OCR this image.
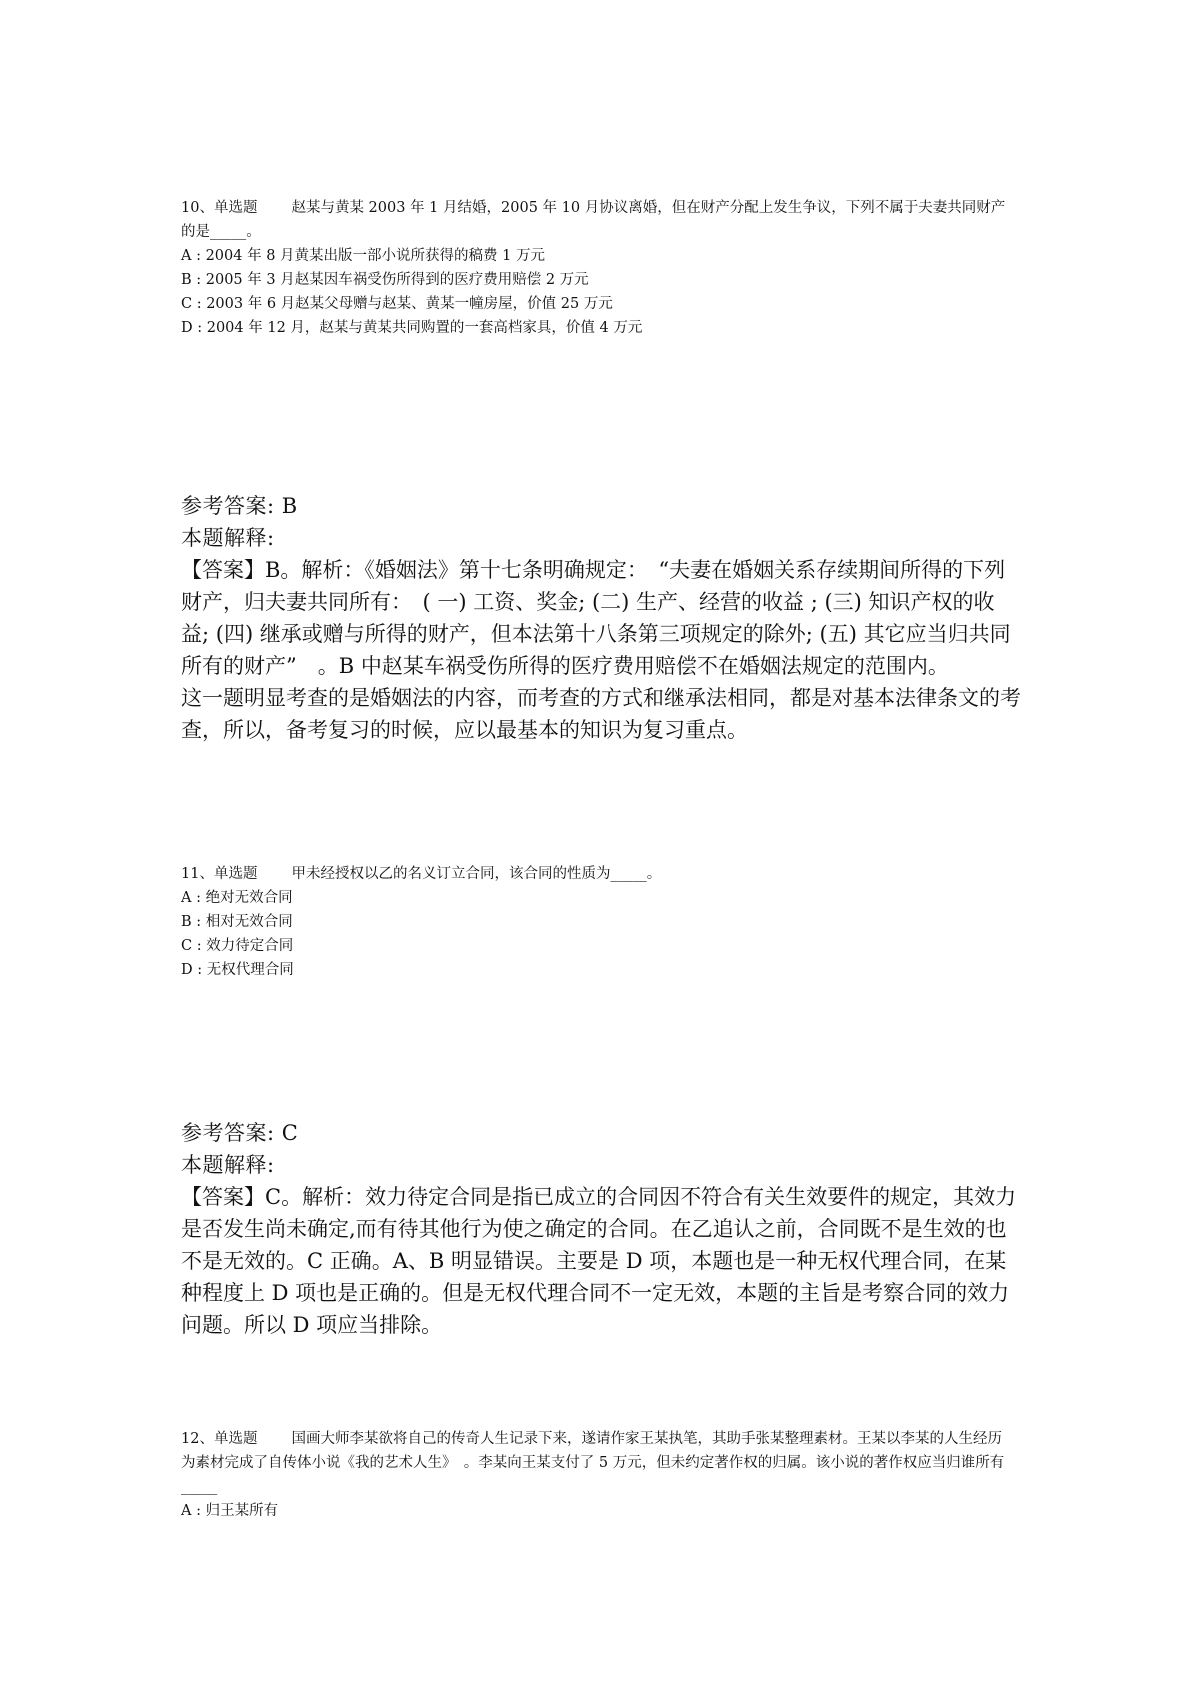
10、单选题 赵某与黄某 2003 年 1 月结婚，2005 年 10 月协议离婚，但在财产分配上发生争议，下列不属于夫妻共同财产的是_____。
A : 2004 年 8 月黄某出版一部小说所获得的稿费 1 万元
B : 2005 年 3 月赵某因车祸受伤所得到的医疗费用赔偿 2 万元
C : 2003 年 6 月赵某父母赠与赵某、黄某一幢房屋，价值 25 万元
D : 2004 年 12 月，赵某与黄某共同购置的一套高档家具，价值 4 万元

参考答案: B

本题解释:

【答案】B。解析：《婚姻法》第十七条明确规定：　“夫妻在婚姻关系存续期间所得的下列财产，归夫妻共同所有：　( 一) 工资、奖金; (二) 生产、经营的收益 ; (三) 知识产权的收益; (四) 继承或赠与所得的财产，但本法第十八条第三项规定的除外; (五) 其它应当归共同所有的财产”　。B 中赵某车祸受伤所得的医疗费用赔偿不在婚姻法规定的范围内。

这一题明显考查的是婚姻法的内容，而考查的方式和继承法相同，都是对基本法律条文的考查，所以，备考复习的时候，应以最基本的知识为复习重点。

11、单选题 甲未经授权以乙的名义订立合同，该合同的性质为_____。
A : 绝对无效合同
B : 相对无效合同
C : 效力待定合同
D : 无权代理合同

参考答案: C

本题解释:

【答案】C。解析：效力待定合同是指已成立的合同因不符合有关生效要件的规定，其效力是否发生尚未确定,而有待其他行为使之确定的合同。在乙追认之前，合同既不是生效的也不是无效的。C 正确。A、B 明显错误。主要是 D 项，本题也是一种无权代理合同，在某种程度上 D 项也是正确的。但是无权代理合同不一定无效，本题的主旨是考察合同的效力问题。所以 D 项应当排除。

12、单选题 国画大师李某欲将自己的传奇人生记录下来，遂请作家王某执笔，其助手张某整理素材。王某以李某的人生经历为素材完成了自传体小说《我的艺术人生》　。李某向王某支付了 5 万元，但未约定著作权的归属。该小说的著作权应当归谁所有_____
A : 归王某所有
